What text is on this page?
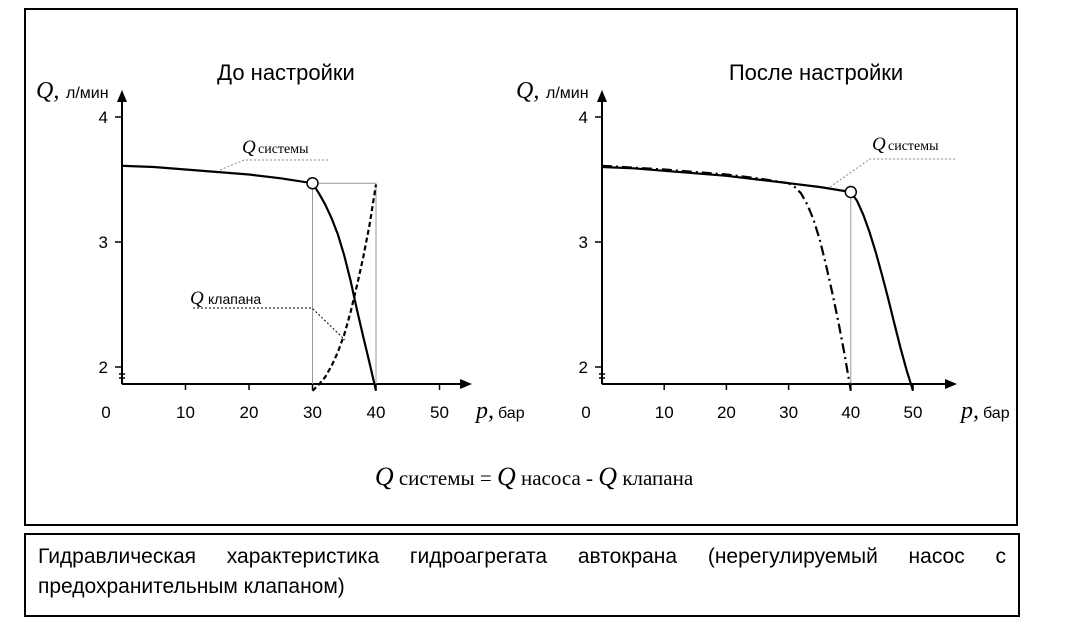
Q системы = Q насоса - Q клапана
До настройки
Q, л/мин
p, бар
2
3
4
0	10	20	30	40	50
Q системы
Q клапана
После настройки
Q, л/мин
p, бар
2
3
4
0	10	20	30	40	50
Q системы
Гидравлическая характеристика гидроагрегата автокрана (нерегулируемый насос с предохранительным клапаном)
